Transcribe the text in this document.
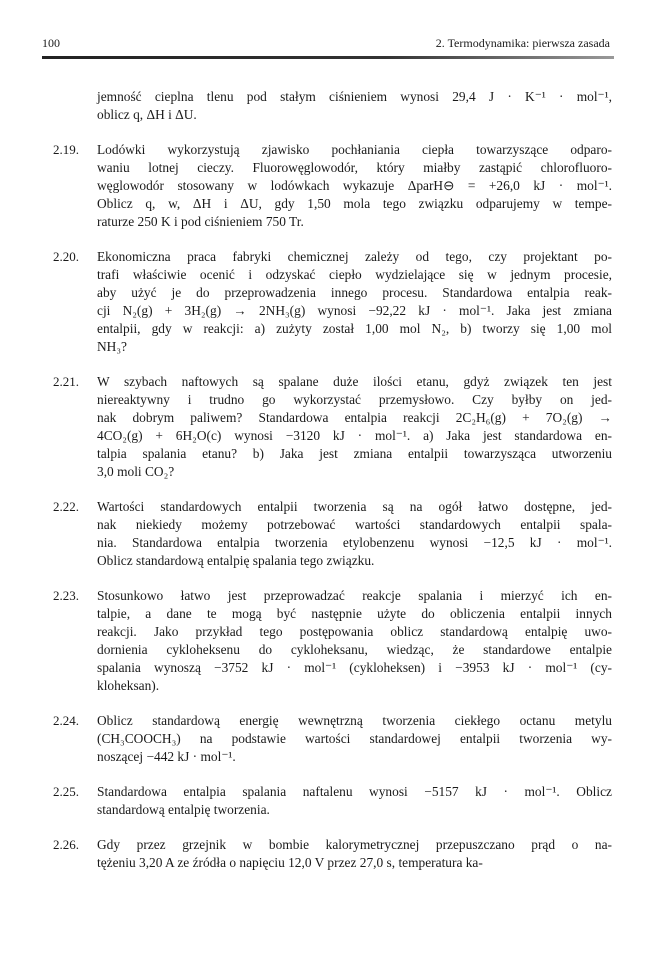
100	2. Termodynamika: pierwsza zasada
jemność cieplna tlenu pod stałym ciśnieniem wynosi 29,4 J · K⁻¹ · mol⁻¹,
oblicz q, ΔH i ΔU.
2.19. Lodówki wykorzystują zjawisko pochłaniania ciepła towarzyszące odparo-
waniu lotnej cieczy. Fluorowęglowodór, który miałby zastąpić chlorofluoro-
węglowodór stosowany w lodówkach wykazuje ΔparH⊖ = +26,0 kJ · mol⁻¹.
Oblicz q, w, ΔH i ΔU, gdy 1,50 mola tego związku odparujemy w tempe-
raturze 250 K i pod ciśnieniem 750 Tr.
2.20. Ekonomiczna praca fabryki chemicznej zależy od tego, czy projektant po-
trafi właściwie ocenić i odzyskać ciepło wydzielające się w jednym procesie,
aby użyć je do przeprowadzenia innego procesu. Standardowa entalpia reak-
cji N₂(g) + 3H₂(g) → 2NH₃(g) wynosi −92,22 kJ · mol⁻¹. Jaka jest zmiana
entalpii, gdy w reakcji: a) zużyty został 1,00 mol N₂, b) tworzy się 1,00 mol
NH₃?
2.21. W szybach naftowych są spalane duże ilości etanu, gdyż związek ten jest
niereaktywny i trudno go wykorzystać przemysłowo. Czy byłby on jed-
nak dobrym paliwem? Standardowa entalpia reakcji 2C₂H₆(g) + 7O₂(g) →
4CO₂(g) + 6H₂O(c) wynosi −3120 kJ · mol⁻¹. a) Jaka jest standardowa en-
talpia spalania etanu? b) Jaka jest zmiana entalpii towarzysząca utworzeniu
3,0 moli CO₂?
2.22. Wartości standardowych entalpii tworzenia są na ogół łatwo dostępne, jed-
nak niekiedy możemy potrzebować wartości standardowych entalpii spala-
nia. Standardowa entalpia tworzenia etylobenzenu wynosi −12,5 kJ · mol⁻¹.
Oblicz standardową entalpię spalania tego związku.
2.23. Stosunkowo łatwo jest przeprowadzać reakcje spalania i mierzyć ich en-
talpie, a dane te mogą być następnie użyte do obliczenia entalpii innych
reakcji. Jako przykład tego postępowania oblicz standardową entalpię uwo-
dornienia cykloheksenu do cykloheksanu, wiedząc, że standardowe entalpie
spalania wynoszą −3752 kJ · mol⁻¹ (cykloheksen) i −3953 kJ · mol⁻¹ (cy-
kloheksan).
2.24. Oblicz standardową energię wewnętrzną tworzenia ciekłego octanu metylu
(CH₃COOCH₃) na podstawie wartości standardowej entalpii tworzenia wy-
noszącej −442 kJ · mol⁻¹.
2.25. Standardowa entalpia spalania naftalenu wynosi −5157 kJ · mol⁻¹. Oblicz
standardową entalpię tworzenia.
2.26. Gdy przez grzejnik w bombie kalorymetrycznej przepuszczano prąd o na-
tężeniu 3,20 A ze źródła o napięciu 12,0 V przez 27,0 s, temperatura ka-
